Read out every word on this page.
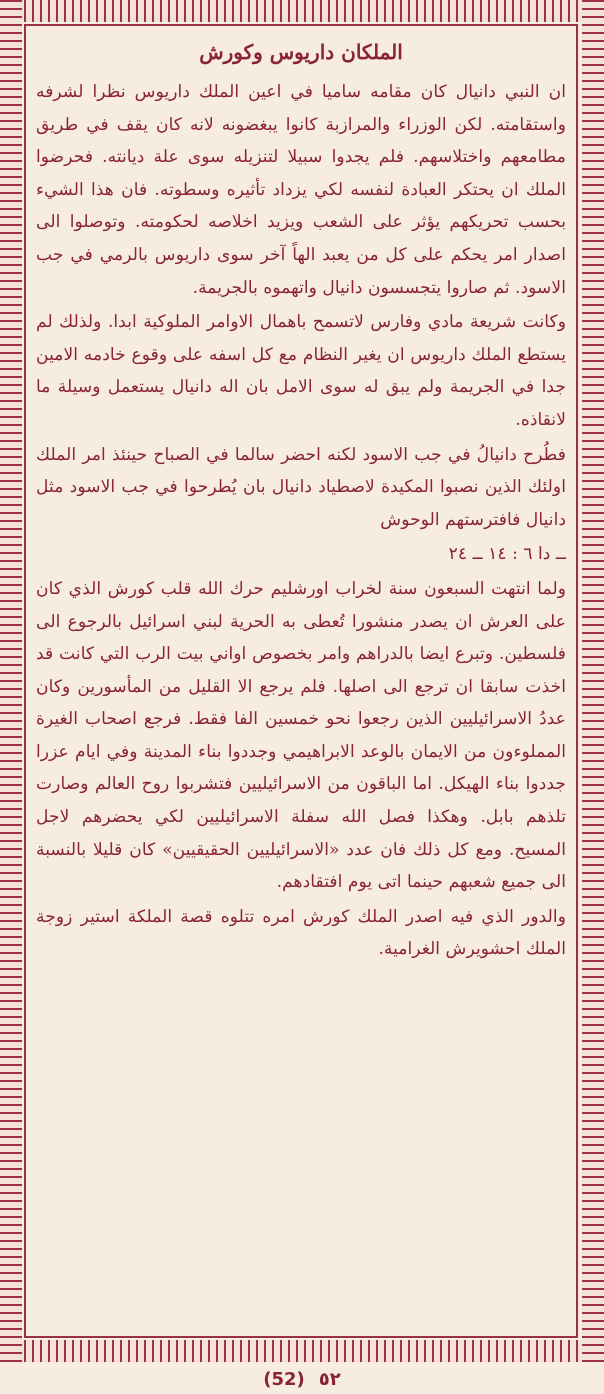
الملكان داريوس وكورش

ان النبي دانيال كان مقامه ساميا في اعين الملك داريوس نظرا لشرفه واستقامته. لكن الوزراء والمرازبة كانوا يبغضونه لانه كان يقف في طريق مطامعهم واختلاسهم. فلم يجدوا سبيلا لتنزيله سوى علة ديانته. فحرضوا الملك ان يحتكر العبادة لنفسه لكي يزداد تأثيره وسطوته. فان هذا الشيء بحسب تحريكهم يؤثر على الشعب ويزيد اخلاصه لحكومته. وتوصلوا الى اصدار امر يحكم على كل من يعبد الهاً آخر سوى داريوس بالرمي في جب الاسود. ثم صاروا يتجسسون دانيال واتهموه بالجريمة.

وكانت شريعة مادي وفارس لاتسمح باهمال الاوامر الملوكية ابدا. ولذلك لم يستطع الملك داريوس ان يغير النظام مع كل اسفه على وقوع خادمه الامين جدا في الجريمة ولم يبق له سوى الامل بان اله دانيال يستعمل وسيلة ما لانقاذه.

فطُرح دانيالُ في جب الاسود لكنه احضر سالما في الصباح حينئذ امر الملك اولئك الذين نصبوا المكيدة لاصطياد دانيال بان يُطرحوا في جب الاسود مثل دانيال فافترستهم الوحوش

ــ دا ٦ : ١٤ ــ ٢٤

ولما انتهت السبعون سنة لخراب اورشليم حرك الله قلب كورش الذي كان على العرش ان يصدر منشورا تُعطى به الحرية لبني اسرائيل بالرجوع الى فلسطين. وتبرع ايضا بالدراهم وامر بخصوص اواني بيت الرب التي كانت قد اخذت سابقا ان ترجع الى اصلها. فلم يرجع الا القليل من المأسورين وكان عددُ الاسرائيليين الذين رجعوا نحو خمسين الفا فقط. فرجع اصحاب الغيرة المملوءون من الايمان بالوعد الابراهيمي وجددوا بناء المدينة وفي ايام عزرا جددوا بناء الهيكل. اما الباقون من الاسرائيليين فتشربوا روح العالم وصارت تلذهم بابل. وهكذا فصل الله سفلة الاسرائيليين لكي يحضرهم لاجل المسيح. ومع كل ذلك فان عدد «الاسرائيليين الحقيقيين» كان قليلا بالنسبة الى جميع شعبهم حينما اتى يوم افتقادهم.

والدور الذي فيه اصدر الملك كورش امره تتلوه قصة الملكة استير زوجة الملك احشويرش الغرامية.

(52) ٥٢
